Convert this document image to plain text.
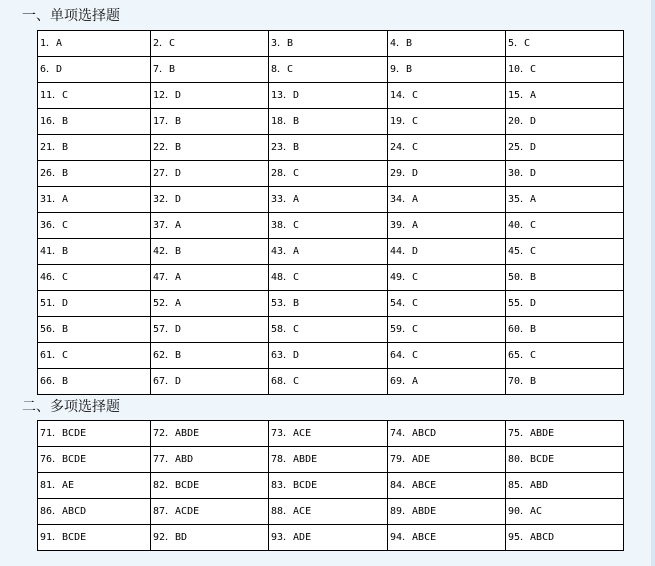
一、单项选择题
1．A	2．C	3．B	4．B	5．C
6．D	7．B	8．C	9．B	10．C
11．C	12．D	13．D	14．C	15．A
16．B	17．B	18．B	19．C	20．D
21．B	22．B	23．B	24．C	25．D
26．B	27．D	28．C	29．D	30．D
31．A	32．D	33．A	34．A	35．A
36．C	37．A	38．C	39．A	40．C
41．B	42．B	43．A	44．D	45．C
46．C	47．A	48．C	49．C	50．B
51．D	52．A	53．B	54．C	55．D
56．B	57．D	58．C	59．C	60．B
61．C	62．B	63．D	64．C	65．C
66．B	67．D	68．C	69．A	70．B
二、多项选择题
71．BCDE	72．ABDE	73．ACE	74．ABCD	75．ABDE
76．BCDE	77．ABD	78．ABDE	79．ADE	80．BCDE
81．AE	82．BCDE	83．BCDE	84．ABCE	85．ABD
86．ABCD	87．ACDE	88．ACE	89．ABDE	90．AC
91．BCDE	92．BD	93．ADE	94．ABCE	95．ABCD
